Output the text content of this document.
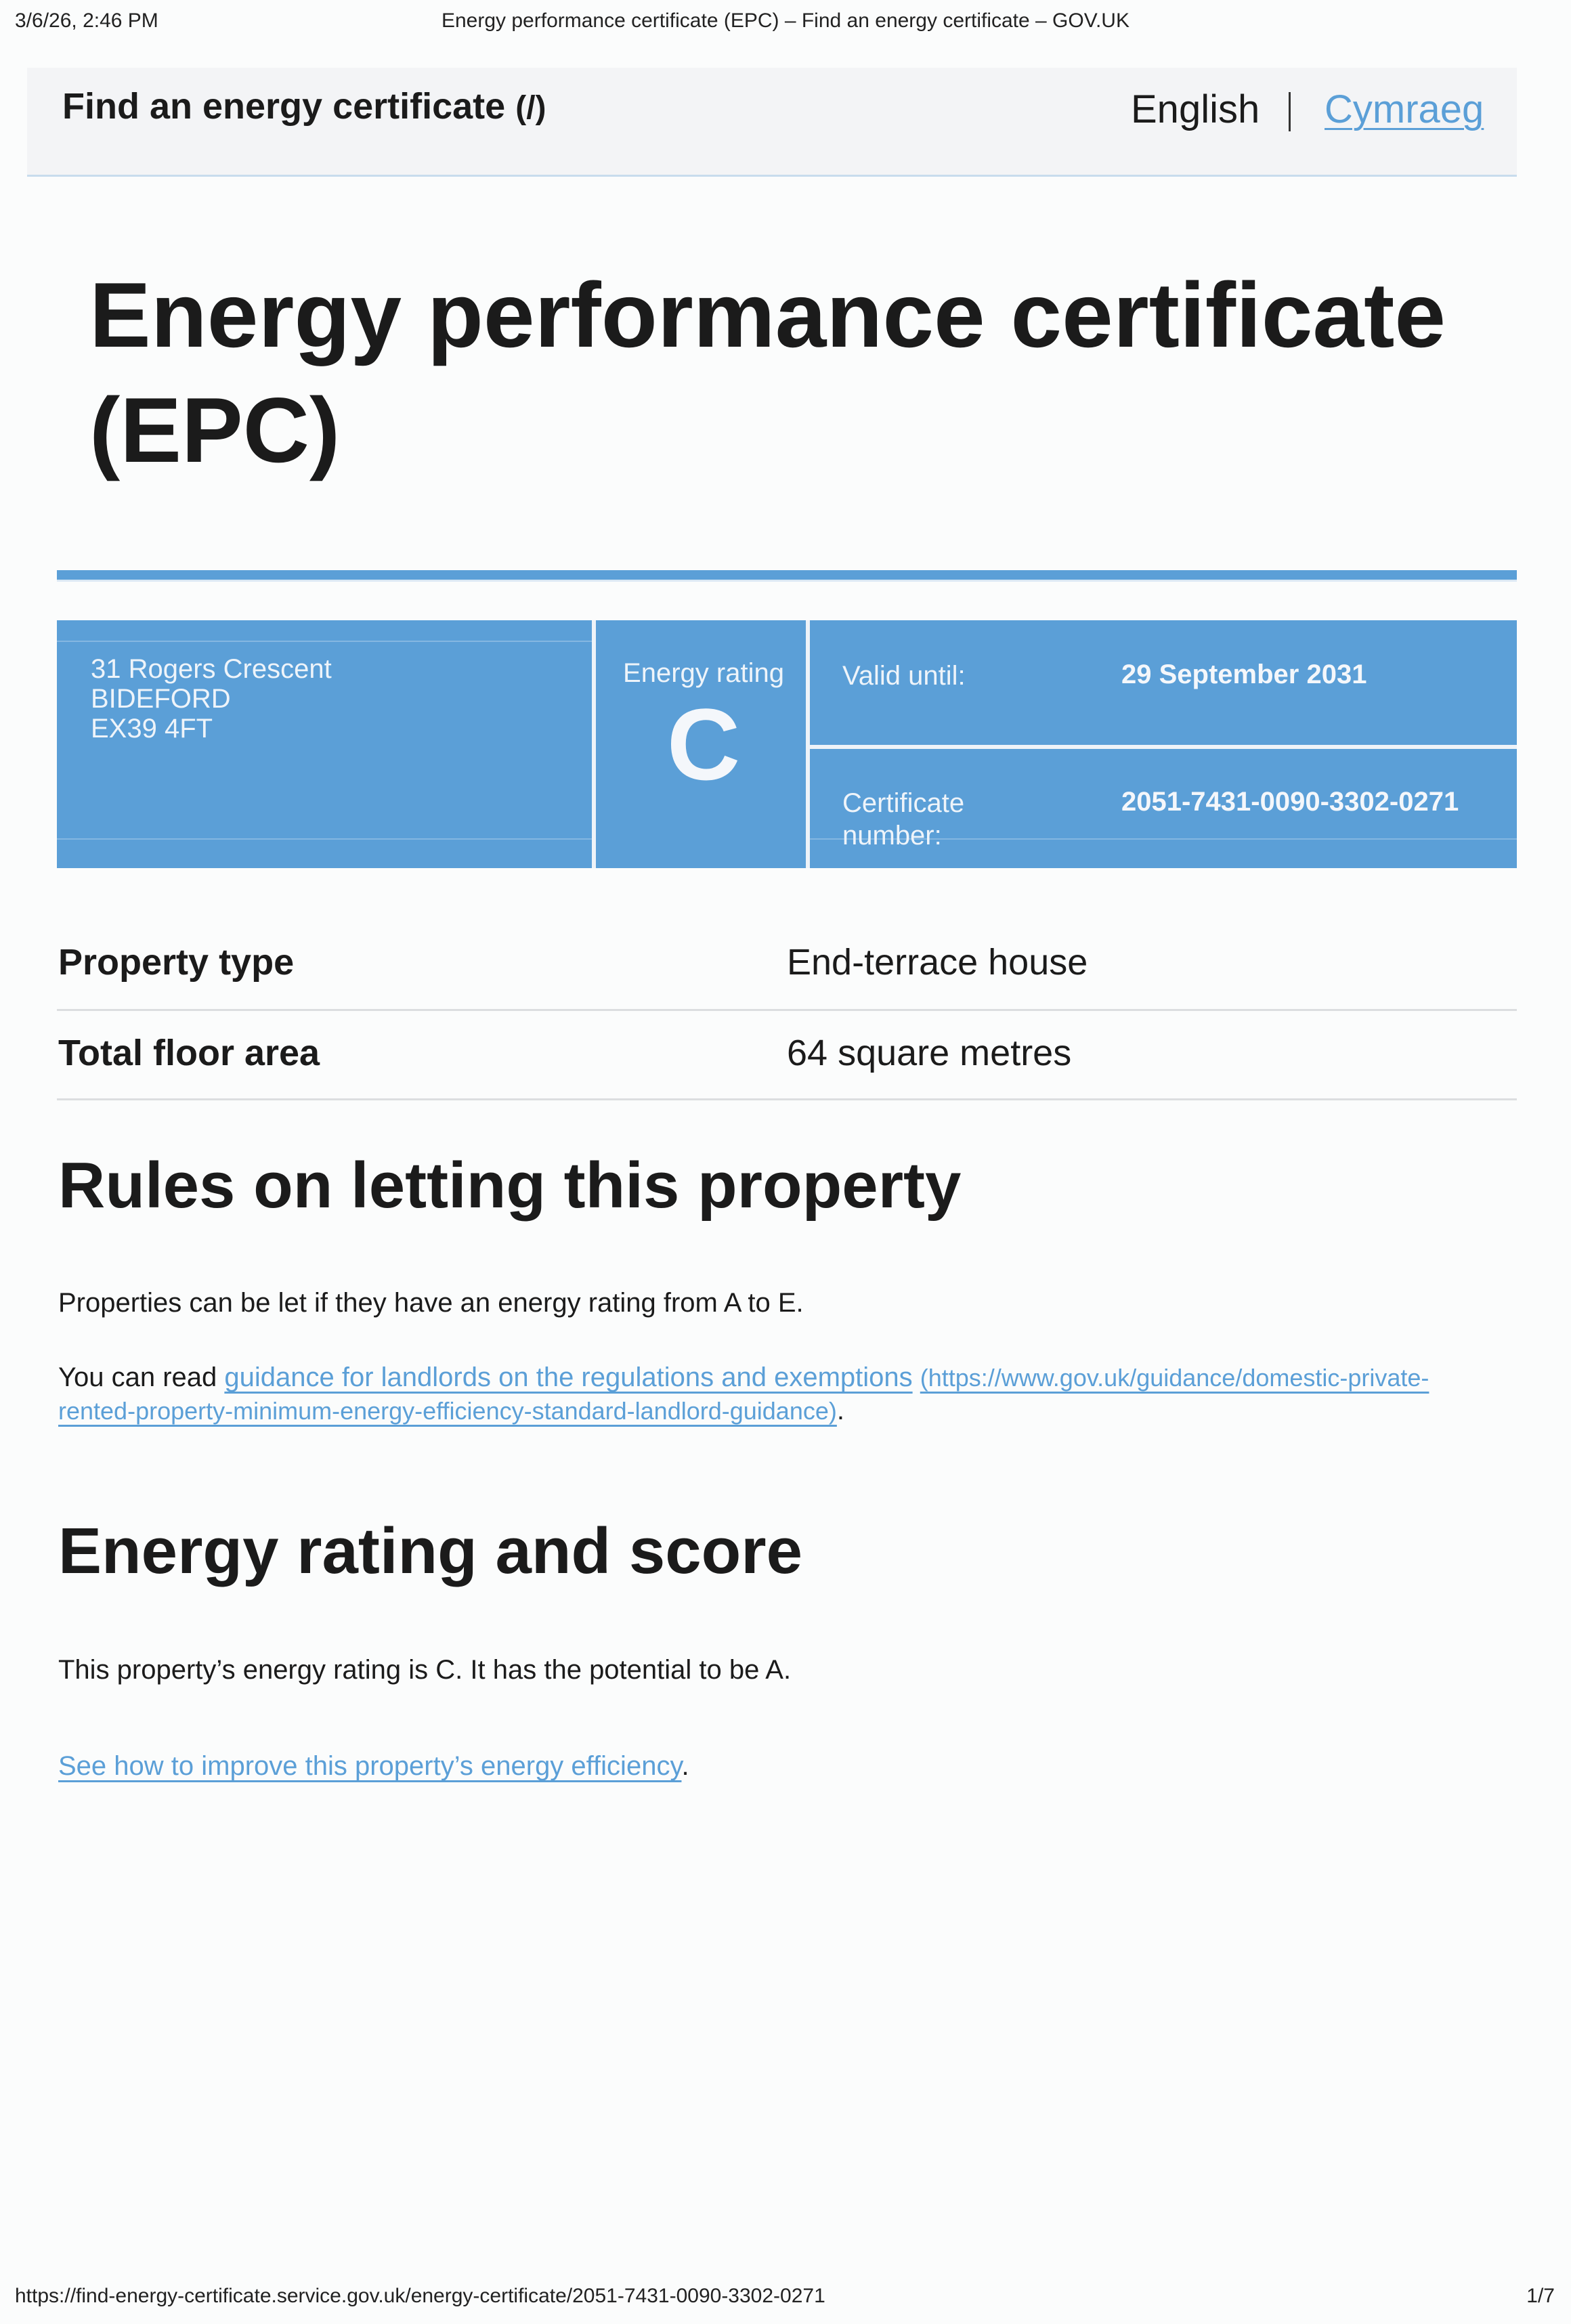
3/6/26, 2:46 PM	Energy performance certificate (EPC) – Find an energy certificate – GOV.UK
Find an energy certificate (/)	English Cymraeg
Energy performance certificate
(EPC)
31 Rogers Crescent
BIDEFORD
EX39 4FT
Energy rating
C
Valid until:	29 September 2031
Certificate
number:
2051-7431-0090-3302-0271
Property type	End-terrace house
Total floor area	64 square metres
Rules on letting this property

Properties can be let if they have an energy rating from A to E.

You can read guidance for landlords on the regulations and exemptions (https://www.gov.uk/guidance/domestic-private-
rented-property-minimum-energy-efficiency-standard-landlord-guidance).

Energy rating and score

This property’s energy rating is C. It has the potential to be A.

See how to improve this property’s energy efficiency.

https://find-energy-certificate.service.gov.uk/energy-certificate/2051-7431-0090-3302-0271	1/7
